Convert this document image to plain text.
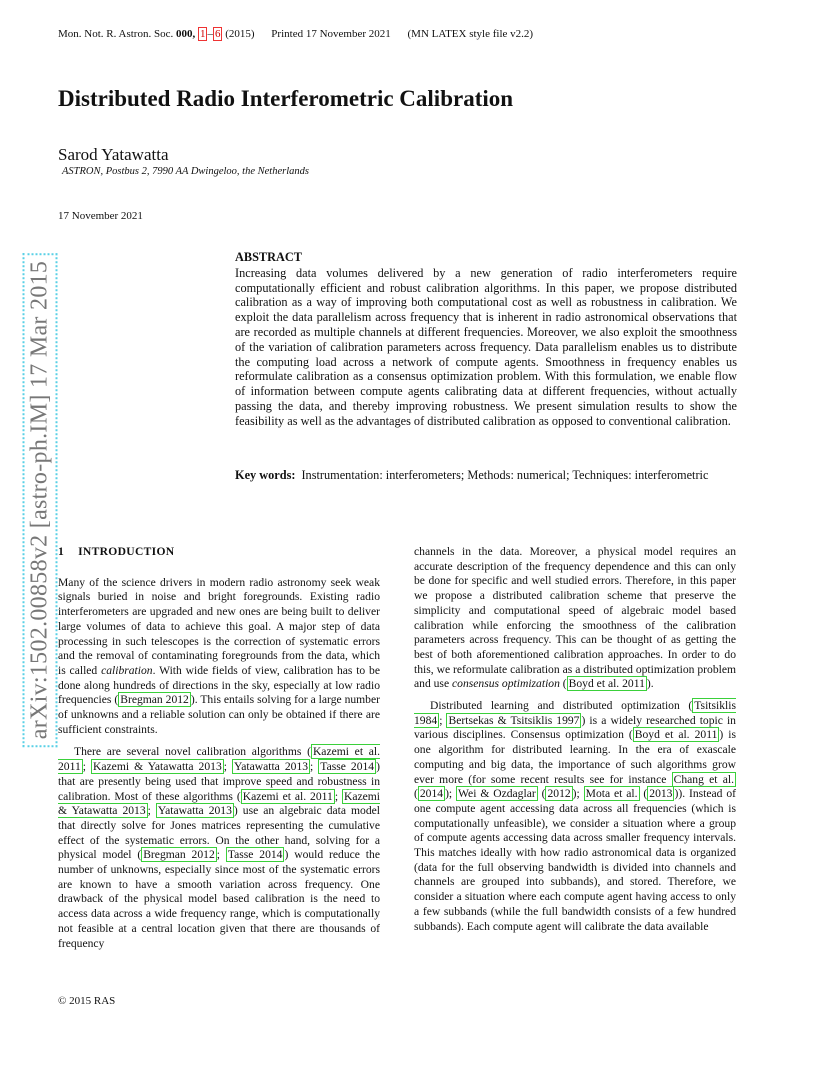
Mon. Not. R. Astron. Soc. 000, 1 – 6 (2015) Printed 17 November 2021 (MN LATEX style file v2.2)
arXiv:1502.00858v2 [astro-ph.IM] 17 Mar 2015
Distributed Radio Interferometric Calibration
Sarod Yatawatta
ASTRON, Postbus 2, 7990 AA Dwingeloo, the Netherlands
17 November 2021
ABSTRACT

Increasing data volumes delivered by a new generation of radio interferometers require computationally efficient and robust calibration algorithms. In this paper, we propose distributed calibration as a way of improving both computational cost as well as robustness in calibration. We exploit the data parallelism across frequency that is inherent in radio astronomical observations that are recorded as multiple channels at different frequencies. Moreover, we also exploit the smoothness of the variation of calibration parameters across frequency. Data parallelism enables us to distribute the computing load across a network of compute agents. Smoothness in frequency enables us reformulate calibration as a consensus optimization problem. With this formulation, we enable flow of information between compute agents calibrating data at different frequencies, without actually passing the data, and thereby improving robustness. We present simulation results to show the feasibility as well as the advantages of distributed calibration as opposed to conventional calibration.

Key words: Instrumentation: interferometers; Methods: numerical; Techniques: interferometric
1 INTRODUCTION

Many of the science drivers in modern radio astronomy seek weak signals buried in noise and bright foregrounds. Existing radio interferometers are upgraded and new ones are being built to deliver large volumes of data to achieve this goal. A major step of data processing in such telescopes is the correction of systematic errors and the removal of contaminating foregrounds from the data, which is called calibration. With wide fields of view, calibration has to be done along hundreds of directions in the sky, especially at low radio frequencies ( Bregman 2012 ). This entails solving for a large number of unknowns and a reliable solution can only be obtained if there are sufficient constraints.

There are several novel calibration algorithms ( Kazemi et al. 2011 ; Kazemi & Yatawatta 2013 ; Yatawatta 2013 ; Tasse 2014 ) that are presently being used that improve speed and robustness in calibration. Most of these algorithms ( Kazemi et al. 2011 ; Kazemi & Yatawatta 2013 ; Yatawatta 2013 ) use an algebraic data model that directly solve for Jones matrices representing the cumulative effect of the systematic errors. On the other hand, solving for a physical model ( Bregman 2012 ; Tasse 2014 ) would reduce the number of unknowns, especially since most of the systematic errors are known to have a smooth variation across frequency. One drawback of the physical model based calibration is the need to access data across a wide frequency range, which is computationally not feasible at a central location given that there are thousands of frequency

channels in the data. Moreover, a physical model requires an accurate description of the frequency dependence and this can only be done for specific and well studied errors. Therefore, in this paper we propose a distributed calibration scheme that preserve the simplicity and computational speed of algebraic model based calibration while enforcing the smoothness of the calibration parameters across frequency. This can be thought of as getting the best of both aforementioned calibration approaches. In order to do this, we reformulate calibration as a distributed optimization problem and use consensus optimization ( Boyd et al. 2011 ).

Distributed learning and distributed optimization ( Tsitsiklis 1984 ; Bertsekas & Tsitsiklis 1997 ) is a widely researched topic in various disciplines. Consensus optimization ( Boyd et al. 2011 ) is one algorithm for distributed learning. In the era of exascale computing and big data, the importance of such algorithms grow ever more (for some recent results see for instance Chang et al. ( 2014 ); Wei & Ozdaglar ( 2012 ); Mota et al. ( 2013 )). Instead of one compute agent accessing data across all frequencies (which is computationally unfeasible), we consider a situation where a group of compute agents accessing data across smaller frequency intervals. This matches ideally with how radio astronomical data is organized (data for the full observing bandwidth is divided into channels and channels are grouped into subbands), and stored. Therefore, we consider a situation where each compute agent having access to only a few subbands (while the full bandwidth consists of a few hundred subbands). Each compute agent will calibrate the data available

© 2015 RAS
